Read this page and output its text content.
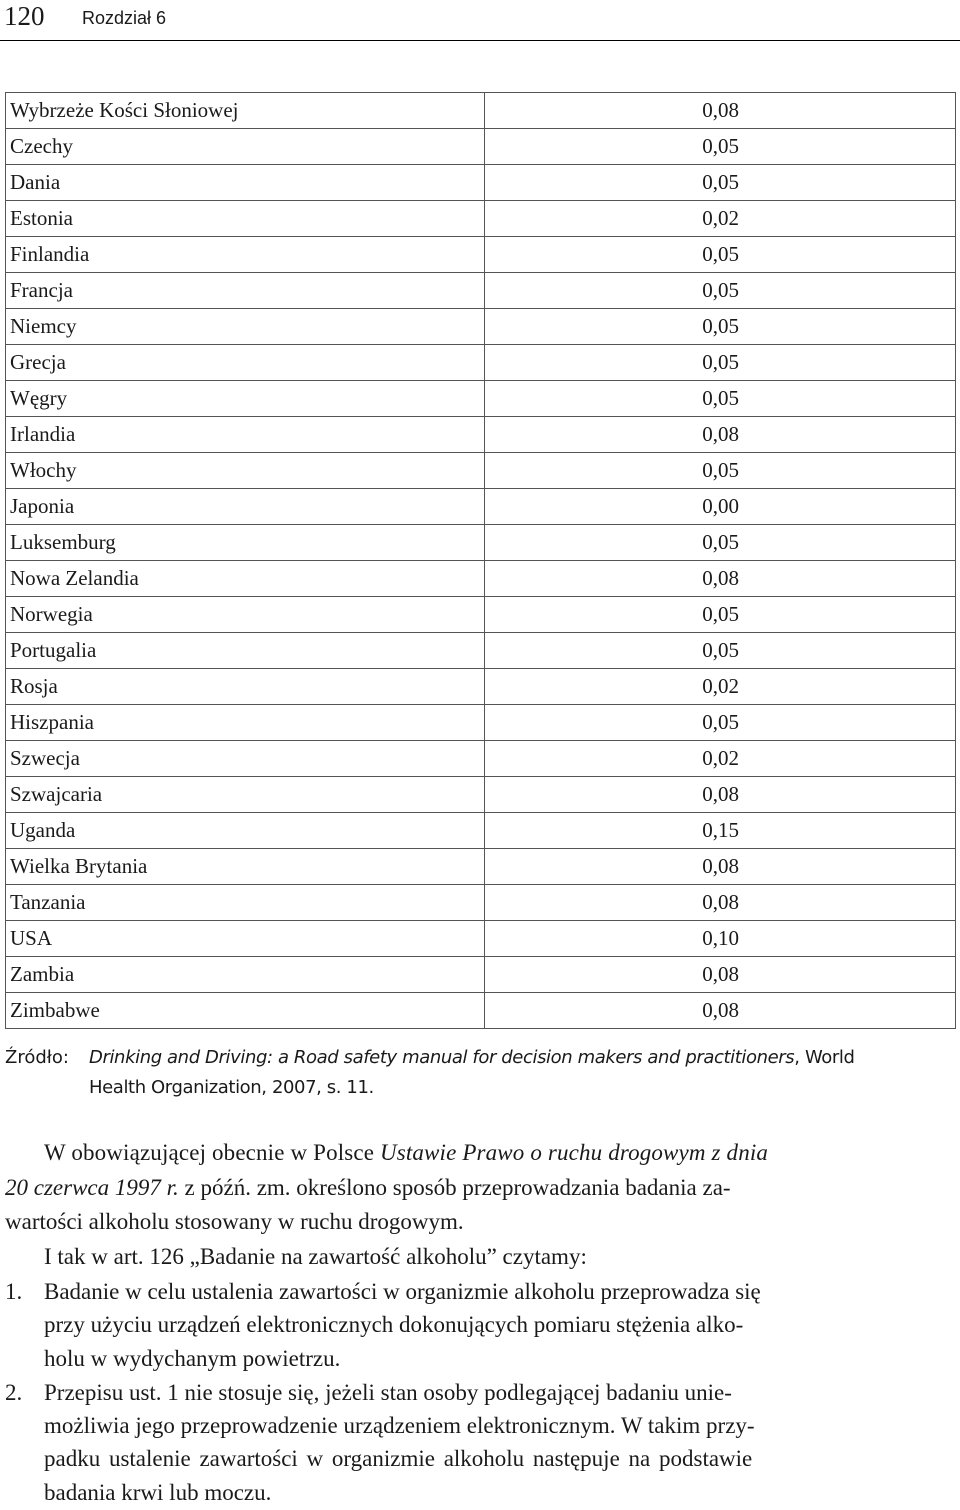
120 Rozdział 6
Wybrzeże Kości Słoniowej	0,08
Czechy	0,05
Dania	0,05
Estonia	0,02
Finlandia	0,05
Francja	0,05
Niemcy	0,05
Grecja	0,05
Węgry	0,05
Irlandia	0,08
Włochy	0,05
Japonia	0,00
Luksemburg	0,05
Nowa Zelandia	0,08
Norwegia	0,05
Portugalia	0,05
Rosja	0,02
Hiszpania	0,05
Szwecja	0,02
Szwajcaria	0,08
Uganda	0,15
Wielka Brytania	0,08
Tanzania	0,08
USA	0,10
Zambia	0,08
Zimbabwe	0,08
Źródło: Drinking and Driving: a Road safety manual for decision makers and practitioners, World
Health Organization, 2007, s. 11.
W obowiązującej obecnie w Polsce Ustawie Prawo o ruchu drogowym z dnia
20 czerwca 1997 r. z późń. zm. określono sposób przeprowadzania badania za-
wartości alkoholu stosowany w ruchu drogowym.
I tak w art. 126 „Badanie na zawartość alkoholu” czytamy:
1. Badanie w celu ustalenia zawartości w organizmie alkoholu przeprowadza się
przy użyciu urządzeń elektronicznych dokonujących pomiaru stężenia alko-
holu w wydychanym powietrzu.
2. Przepisu ust. 1 nie stosuje się, jeżeli stan osoby podlegającej badaniu unie-
możliwia jego przeprowadzenie urządzeniem elektronicznym. W takim przy-
padku ustalenie zawartości w organizmie alkoholu następuje na podstawie
badania krwi lub moczu.
